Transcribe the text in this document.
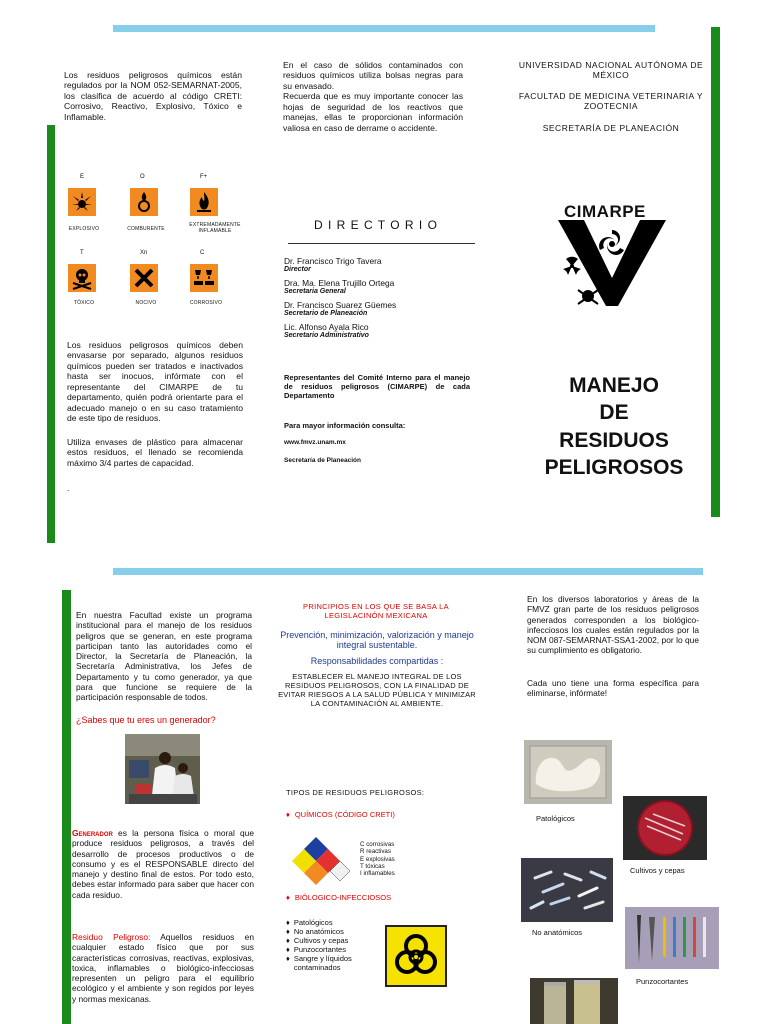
Los residuos peligrosos químicos están regulados por la NOM 052-SEMARNAT-2005, los clasifica de acuerdo al código CRETI: Corrosivo, Reactivo, Explosivo, Tóxico e Inflamable.
E
EXPLOSIVO
O
COMBURENTE
F+
EXTREMADAMENTE INFLAMABLE
T
TÓXICO
Xn
NOCIVO
C
CORROSIVO
Los residuos peligrosos químicos deben envasarse por separado, algunos residuos químicos pueden ser tratados e inactivados hasta ser inocuos, infórmate con el representante del CIMARPE de tu departamento, quién podrá orientarte para el adecuado manejo o en su caso tratamiento de este tipo de residuos.
Utiliza envases de plástico para almacenar estos residuos, el llenado se recomienda máximo 3/4 partes de capacidad.
.
En el caso de sólidos contaminados con residuos químicos utiliza bolsas negras para su envasado.
Recuerda que es muy importante conocer las hojas de seguridad de los reactivos que manejas, ellas te proporcionan información valiosa en caso de derrame o accidente.
D I R E C T O R I O
Dr. Francisco Trigo Tavera
Director
Dra. Ma. Elena Trujillo Ortega
Secretaria General
Dr. Francisco Suarez Güemes
Secretario de Planeación
Lic. Alfonso Ayala Rico
Secretario Administrativo
Representantes del Comité Interno para el manejo de residuos peligrosos (CIMARPE) de cada Departamento
Para mayor información consulta:
www.fmvz.unam.mx
Secretaría de Planeación
UNIVERSIDAD NACIONAL AUTÓNOMA DE MÉXICO
FACULTAD DE MEDICINA VETERINARIA Y ZOOTECNIA
SECRETARÍA DE PLANEACIÓN
CIMARPE
MANEJO
DE
RESIDUOS
PELIGROSOS
En nuestra Facultad existe un programa institucional para el manejo de los residuos peligros que se generan, en este programa participan tanto las autoridades como el Director, la Secretaría de Planeación, la Secretaría Administrativa, los Jefes de Departamento y tu como generador, ya que para que funcione se requiere de la participación responsable de todos.
¿Sabes que tu eres un generador?
Generador es la persona física o moral que produce residuos peligrosos, a través del desarrollo de procesos productivos o de consumo y es el RESPONSABLE directo del manejo y destino final de estos. Por todo esto, debes estar informado para saber que hacer con cada residuo.
Residuo Peligroso: Aquellos residuos en cualquier estado físico que por sus características corrosivas, reactivas, explosivas, toxica, inflamables o biológico-infecciosas representen un peligro para el equilibrio ecológico y el ambiente y son regidos por leyes y normas mexicanas.
PRINCIPIOS EN LOS QUE SE BASA LA LEGISLACINÓN MEXICANA
Prevención, minimización, valorización y manejo integral sustentable.
Responsabilidades compartidas :
ESTABLECER EL MANEJO INTEGRAL DE LOS RESIDUOS PELIGROSOS, CON LA FINALIDAD DE EVITAR RIESGOS A LA SALUD PÚBLICA Y MINIMIZAR LA CONTAMINACIÓN AL AMBIENTE.
TIPOS DE RESIDUOS PELIGROSOS:
♦ QUÍMICOS (CÓDIGO CRETI)
C corrosivas
R reactivas
E explosivas
T tóxicas
I inflamables
♦ BIÓLOGICO-INFECCIOSOS
♦ Patológicos
♦ No anatómicos
♦ Cultivos y cepas
♦ Punzocortantes
♦ Sangre y líquidos contaminados
En los diversos laboratorios y áreas de la FMVZ gran parte de los residuos peligrosos generados corresponden a los biológico-infecciosos los cuales están regulados por la NOM 087-SEMARNAT-SSA1-2002, por lo que su cumplimiento es obligatorio.
Cada uno tiene una forma específica para eliminarse, infórmate!
Patológicos
Cultivos y cepas
No anatómicos
Punzocortantes
